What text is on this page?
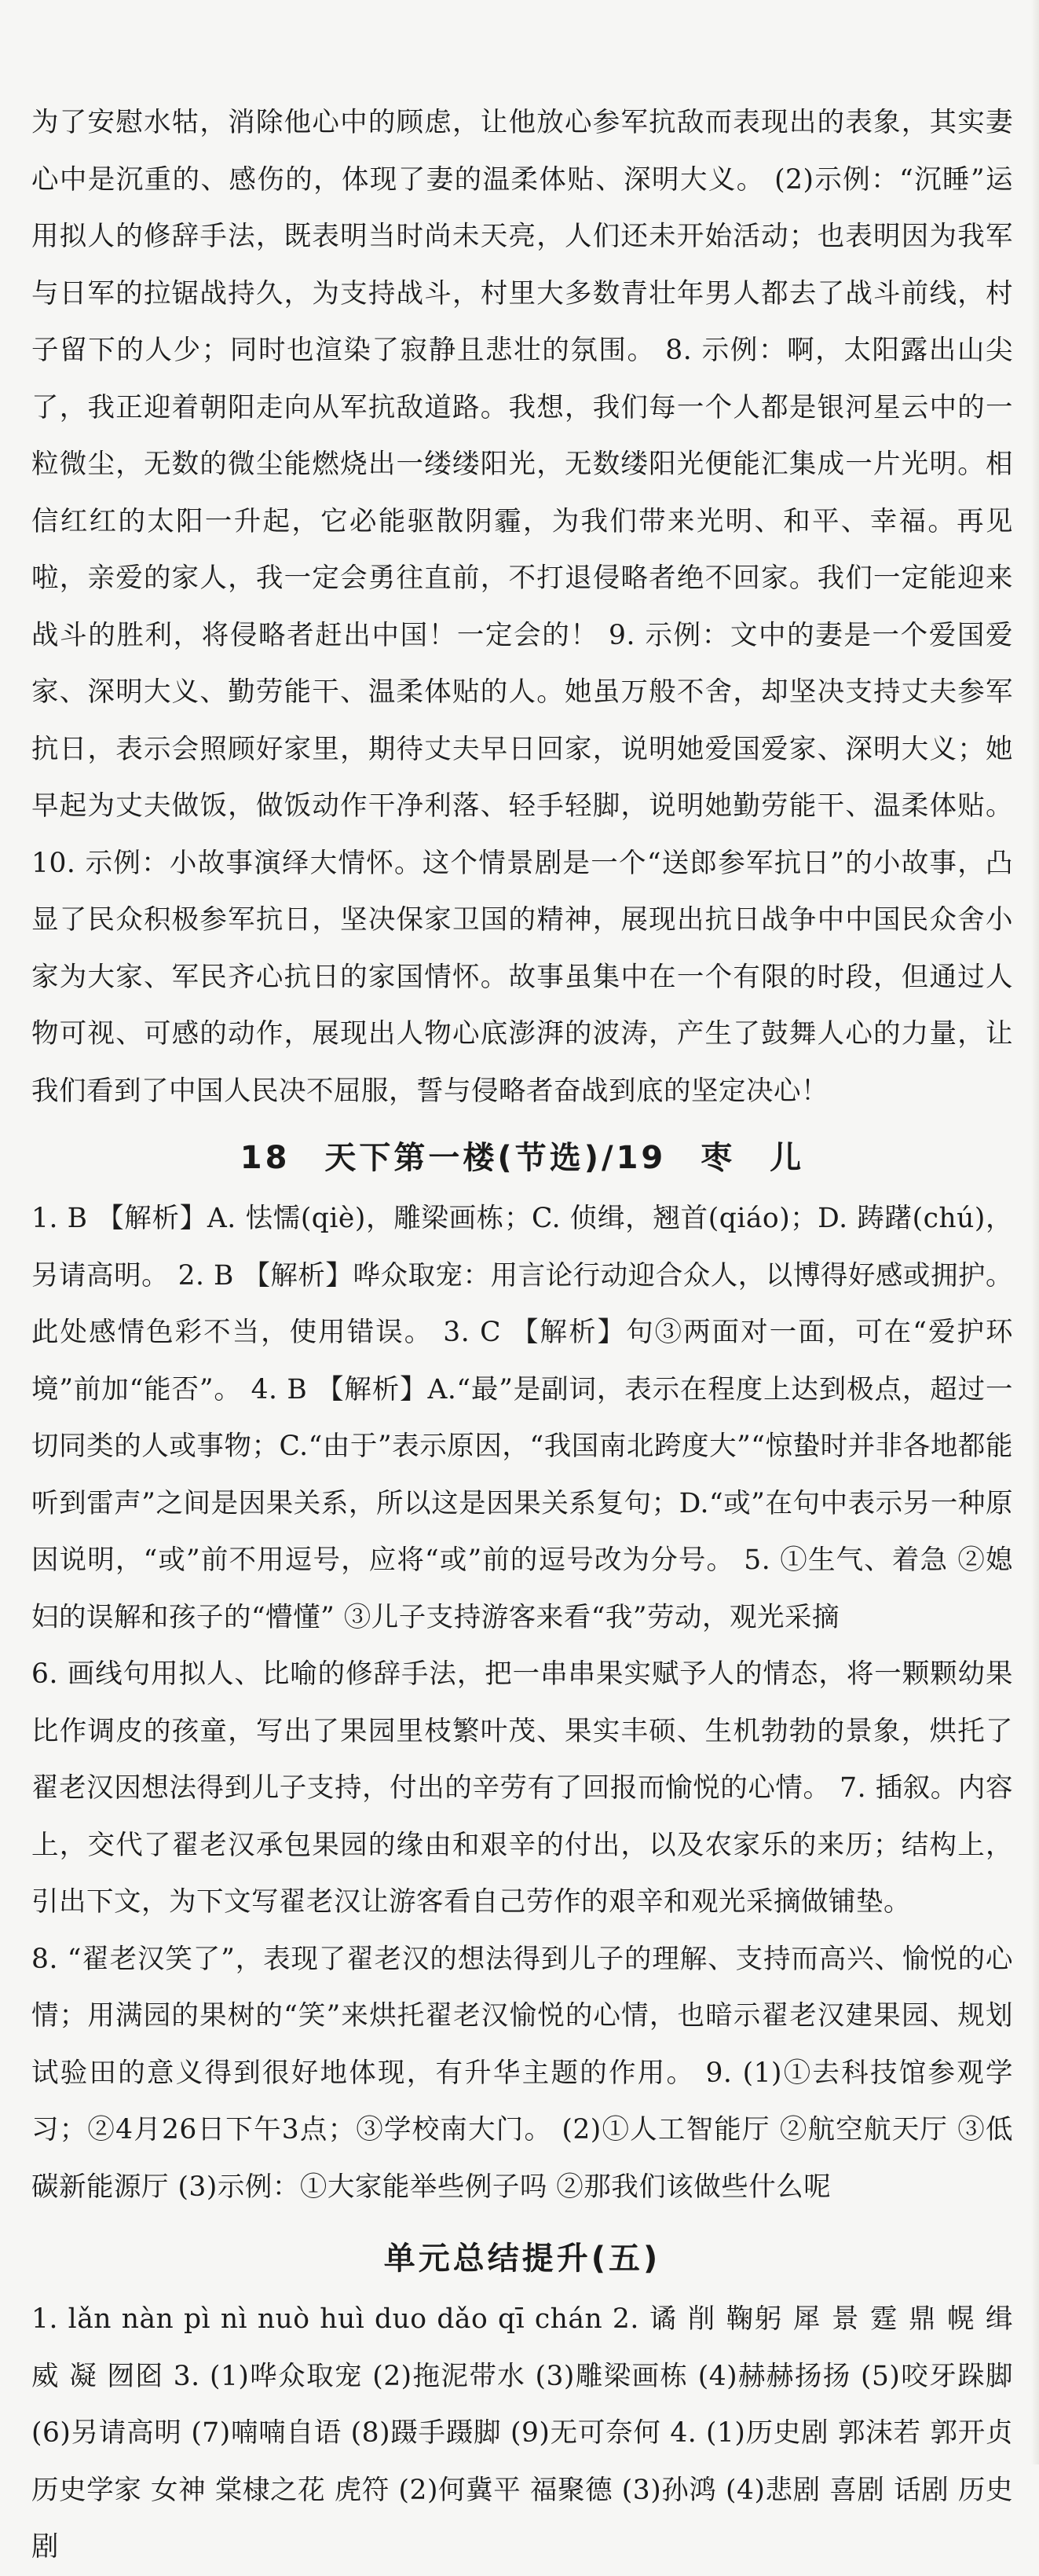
为了安慰水牯，消除他心中的顾虑，让他放心参军抗敌而表现出的表象，其实妻心中是沉重的、感伤的，体现了妻的温柔体贴、深明大义。 (2)示例：“沉睡”运用拟人的修辞手法，既表明当时尚未天亮，人们还未开始活动；也表明因为我军与日军的拉锯战持久，为支持战斗，村里大多数青壮年男人都去了战斗前线，村子留下的人少；同时也渲染了寂静且悲壮的氛围。 8. 示例：啊，太阳露出山尖了，我正迎着朝阳走向从军抗敌道路。我想，我们每一个人都是银河星云中的一粒微尘，无数的微尘能燃烧出一缕缕阳光，无数缕阳光便能汇集成一片光明。相信红红的太阳一升起，它必能驱散阴霾，为我们带来光明、和平、幸福。再见啦，亲爱的家人，我一定会勇往直前，不打退侵略者绝不回家。我们一定能迎来战斗的胜利，将侵略者赶出中国！一定会的！ 9. 示例：文中的妻是一个爱国爱家、深明大义、勤劳能干、温柔体贴的人。她虽万般不舍，却坚决支持丈夫参军抗日，表示会照顾好家里，期待丈夫早日回家，说明她爱国爱家、深明大义；她早起为丈夫做饭，做饭动作干净利落、轻手轻脚，说明她勤劳能干、温柔体贴。 10. 示例：小故事演绎大情怀。这个情景剧是一个“送郎参军抗日”的小故事，凸显了民众积极参军抗日，坚决保家卫国的精神，展现出抗日战争中中国民众舍小家为大家、军民齐心抗日的家国情怀。故事虽集中在一个有限的时段，但通过人物可视、可感的动作，展现出人物心底澎湃的波涛，产生了鼓舞人心的力量，让我们看到了中国人民决不屈服，誓与侵略者奋战到底的坚定决心！

18　天下第一楼(节选)/19　枣　儿

1. B 【解析】A. 怯懦(qiè)，雕梁画栋；C. 侦缉，翘首(qiáo)；D. 踌躇(chú)，另请高明。 2. B 【解析】哗众取宠：用言论行动迎合众人，以博得好感或拥护。此处感情色彩不当，使用错误。 3. C 【解析】句③两面对一面，可在“爱护环境”前加“能否”。 4. B 【解析】A.“最”是副词，表示在程度上达到极点，超过一切同类的人或事物；C.“由于”表示原因，“我国南北跨度大”“惊蛰时并非各地都能听到雷声”之间是因果关系，所以这是因果关系复句；D.“或”在句中表示另一种原因说明，“或”前不用逗号，应将“或”前的逗号改为分号。 5. ①生气、着急 ②媳妇的误解和孩子的“懵懂” ③儿子支持游客来看“我”劳动，观光采摘

6. 画线句用拟人、比喻的修辞手法，把一串串果实赋予人的情态，将一颗颗幼果比作调皮的孩童，写出了果园里枝繁叶茂、果实丰硕、生机勃勃的景象，烘托了翟老汉因想法得到儿子支持，付出的辛劳有了回报而愉悦的心情。 7. 插叙。内容上，交代了翟老汉承包果园的缘由和艰辛的付出，以及农家乐的来历；结构上，引出下文，为下文写翟老汉让游客看自己劳作的艰辛和观光采摘做铺垫。

8. “翟老汉笑了”，表现了翟老汉的想法得到儿子的理解、支持而高兴、愉悦的心情；用满园的果树的“笑”来烘托翟老汉愉悦的心情，也暗示翟老汉建果园、规划试验田的意义得到很好地体现，有升华主题的作用。 9. (1)①去科技馆参观学习；②4月26日下午3点；③学校南大门。 (2)①人工智能厅 ②航空航天厅 ③低碳新能源厅 (3)示例：①大家能举些例子吗 ②那我们该做些什么呢

单元总结提升(五)

1. lǎn nàn pì nì nuò huì duo dǎo qī chán 2. 谲 削 鞠躬 犀 景 霆 鼎 幌 缉 威 凝 囫囵 3. (1)哗众取宠 (2)拖泥带水 (3)雕梁画栋 (4)赫赫扬扬 (5)咬牙跺脚 (6)另请高明 (7)喃喃自语 (8)蹑手蹑脚 (9)无可奈何 4. (1)历史剧 郭沫若 郭开贞 历史学家 女神 棠棣之花 虎符 (2)何冀平 福聚德 (3)孙鸿 (4)悲剧 喜剧 话剧 历史剧
